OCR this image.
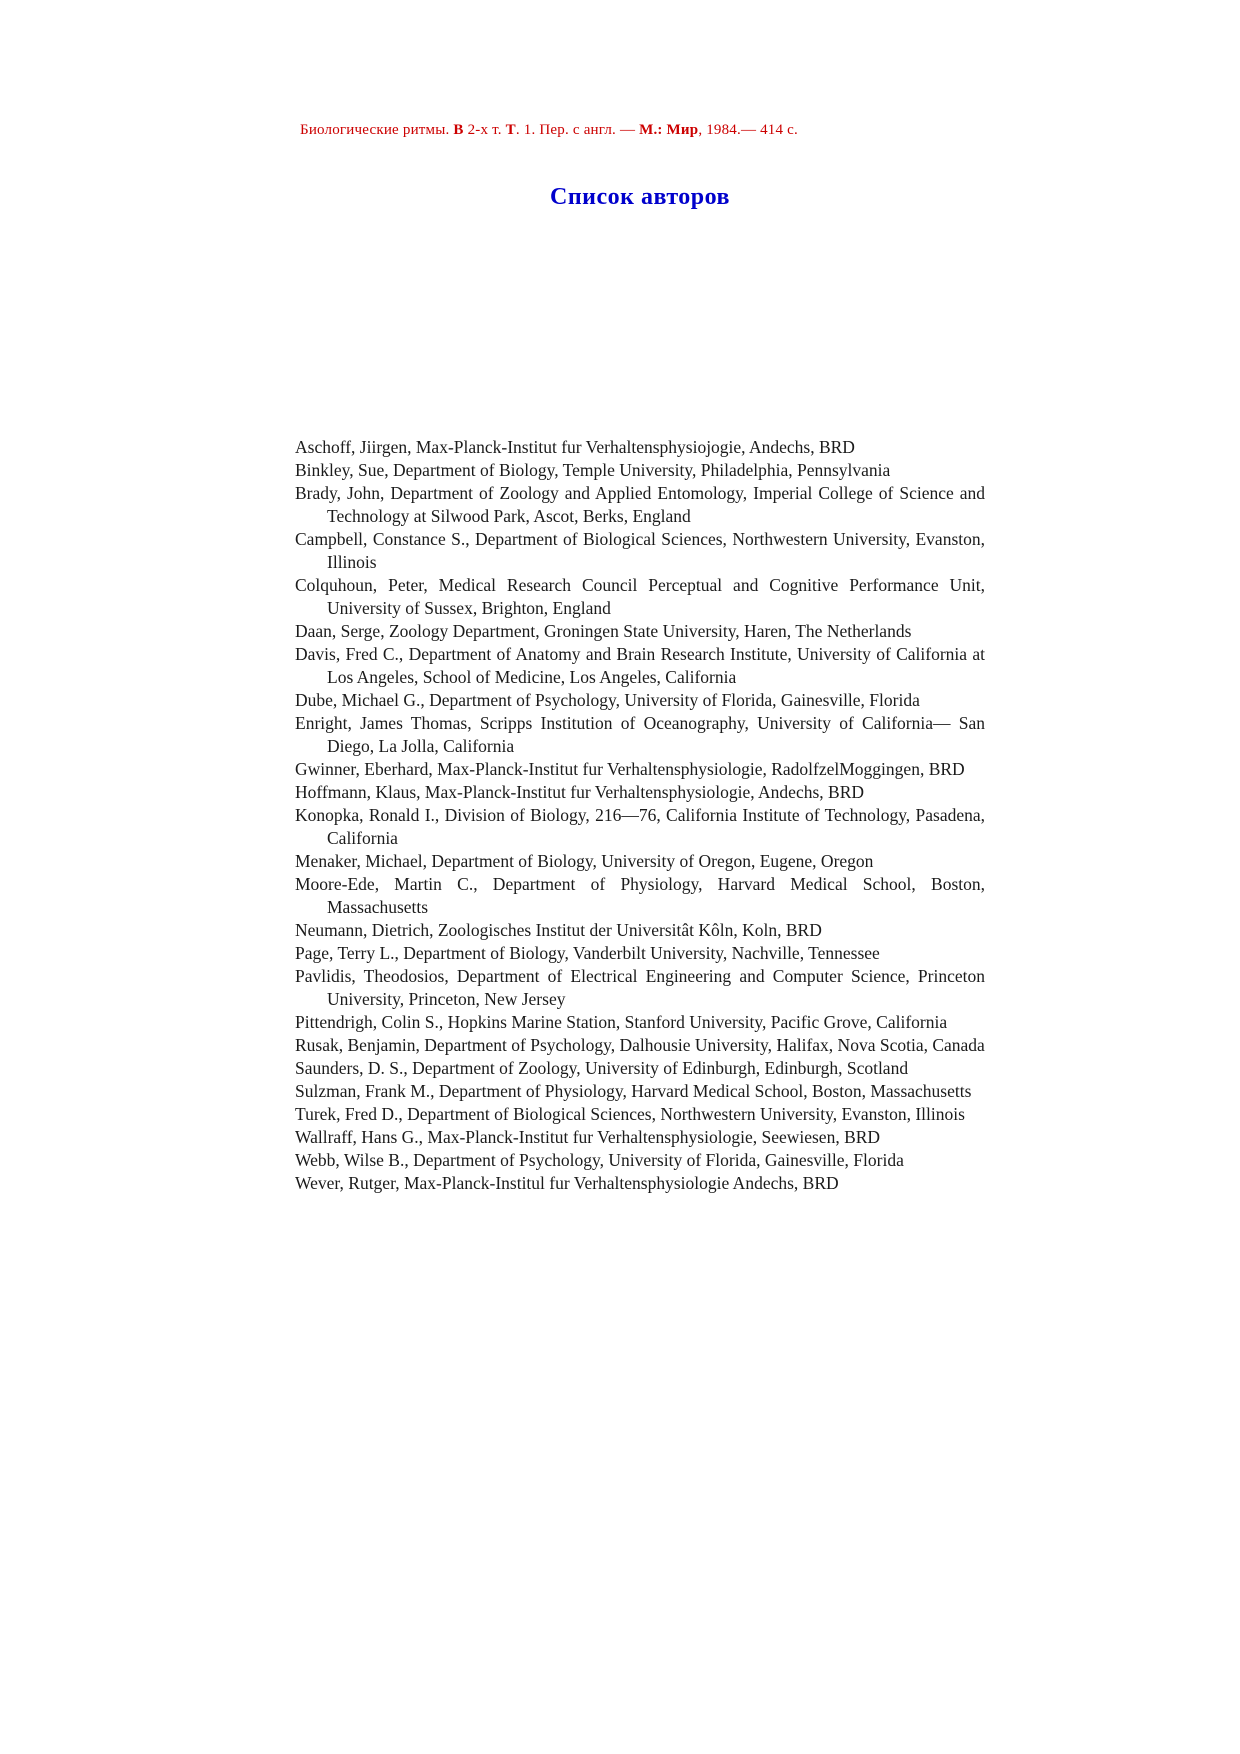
Биологические ритмы. В 2-х т. Т. 1. Пер. с англ. — М.: Мир, 1984.— 414 с.
Список авторов
Aschoff, Jiirgen, Max-Planck-Institut fur Verhaltensphysiojogie, Andechs, BRD
Binkley, Sue, Department of Biology, Temple University, Philadelphia, Pennsylvania
Brady, John, Department of Zoology and Applied Entomology, Imperial College of Science and Technology at Silwood Park, Ascot, Berks, England
Campbell, Constance S., Department of Biological Sciences, Northwestern University, Evanston, Illinois
Colquhoun, Peter, Medical Research Council Perceptual and Cognitive Performance Unit, University of Sussex, Brighton, England
Daan, Serge, Zoology Department, Groningen State University, Haren, The Netherlands
Davis, Fred C., Department of Anatomy and Brain Research Institute, University of California at Los Angeles, School of Medicine, Los Angeles, California
Dube, Michael G., Department of Psychology, University of Florida, Gainesville, Florida
Enright, James Thomas, Scripps Institution of Oceanography, University of California— San Diego, La Jolla, California
Gwinner, Eberhard, Max-Planck-Institut fur Verhaltensphysiologie, RadolfzelMoggingen, BRD
Hoffmann, Klaus, Max-Planck-Institut fur Verhaltensphysiologie, Andechs, BRD
Konopka, Ronald I., Division of Biology, 216—76, California Institute of Technology, Pasadena, California
Menaker, Michael, Department of Biology, University of Oregon, Eugene, Oregon
Moore-Ede, Martin C., Department of Physiology, Harvard Medical School, Boston, Massachusetts
Neumann, Dietrich, Zoologisches Institut der Universitât Kôln, Koln, BRD
Page, Terry L., Department of Biology, Vanderbilt University, Nachville, Tennessee
Pavlidis, Theodosios, Department of Electrical Engineering and Computer Science, Princeton University, Princeton, New Jersey
Pittendrigh, Colin S., Hopkins Marine Station, Stanford University, Pacific Grove, California
Rusak, Benjamin, Department of Psychology, Dalhousie University, Halifax, Nova Scotia, Canada
Saunders, D. S., Department of Zoology, University of Edinburgh, Edinburgh, Scotland
Sulzman, Frank M., Department of Physiology, Harvard Medical School, Boston, Massachusetts
Turek, Fred D., Department of Biological Sciences, Northwestern University, Evanston, Illinois
Wallraff, Hans G., Max-Planck-Institut fur Verhaltensphysiologie, Seewiesen, BRD
Webb, Wilse B., Department of Psychology, University of Florida, Gainesville, Florida
Wever, Rutger, Max-Planck-Institul fur Verhaltensphysiologie Andechs, BRD
